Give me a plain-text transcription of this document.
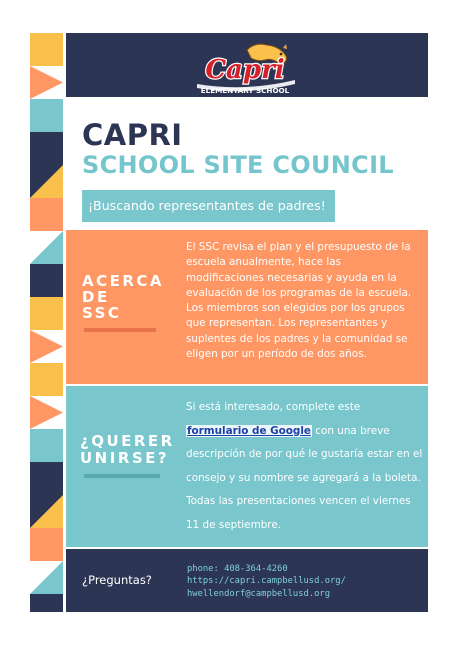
Capri
ELEMENTARY SCHOOL
CAPRI
SCHOOL SITE COUNCIL
¡Buscando representantes de padres!
ACERCA
DE
SSC
El SSC revisa el plan y el presupuesto de la escuela anualmente, hace las modificaciones necesarias y ayuda en la evaluación de los programas de la escuela. Los miembros son elegidos por los grupos que representan. Los representantes y suplentes de los padres y la comunidad se eligen por un período de dos años.
¿QUERER
UNIRSE?
Si está interesado, complete este
formulario de Google con una breve descripción de por qué le gustaría estar en el consejo y su nombre se agregará a la boleta. Todas las presentaciones vencen el viernes 11 de septiembre.
¿Preguntas?
phone: 408-364-4260
https://capri.campbellusd.org/
hwellendorf@campbellusd.org
